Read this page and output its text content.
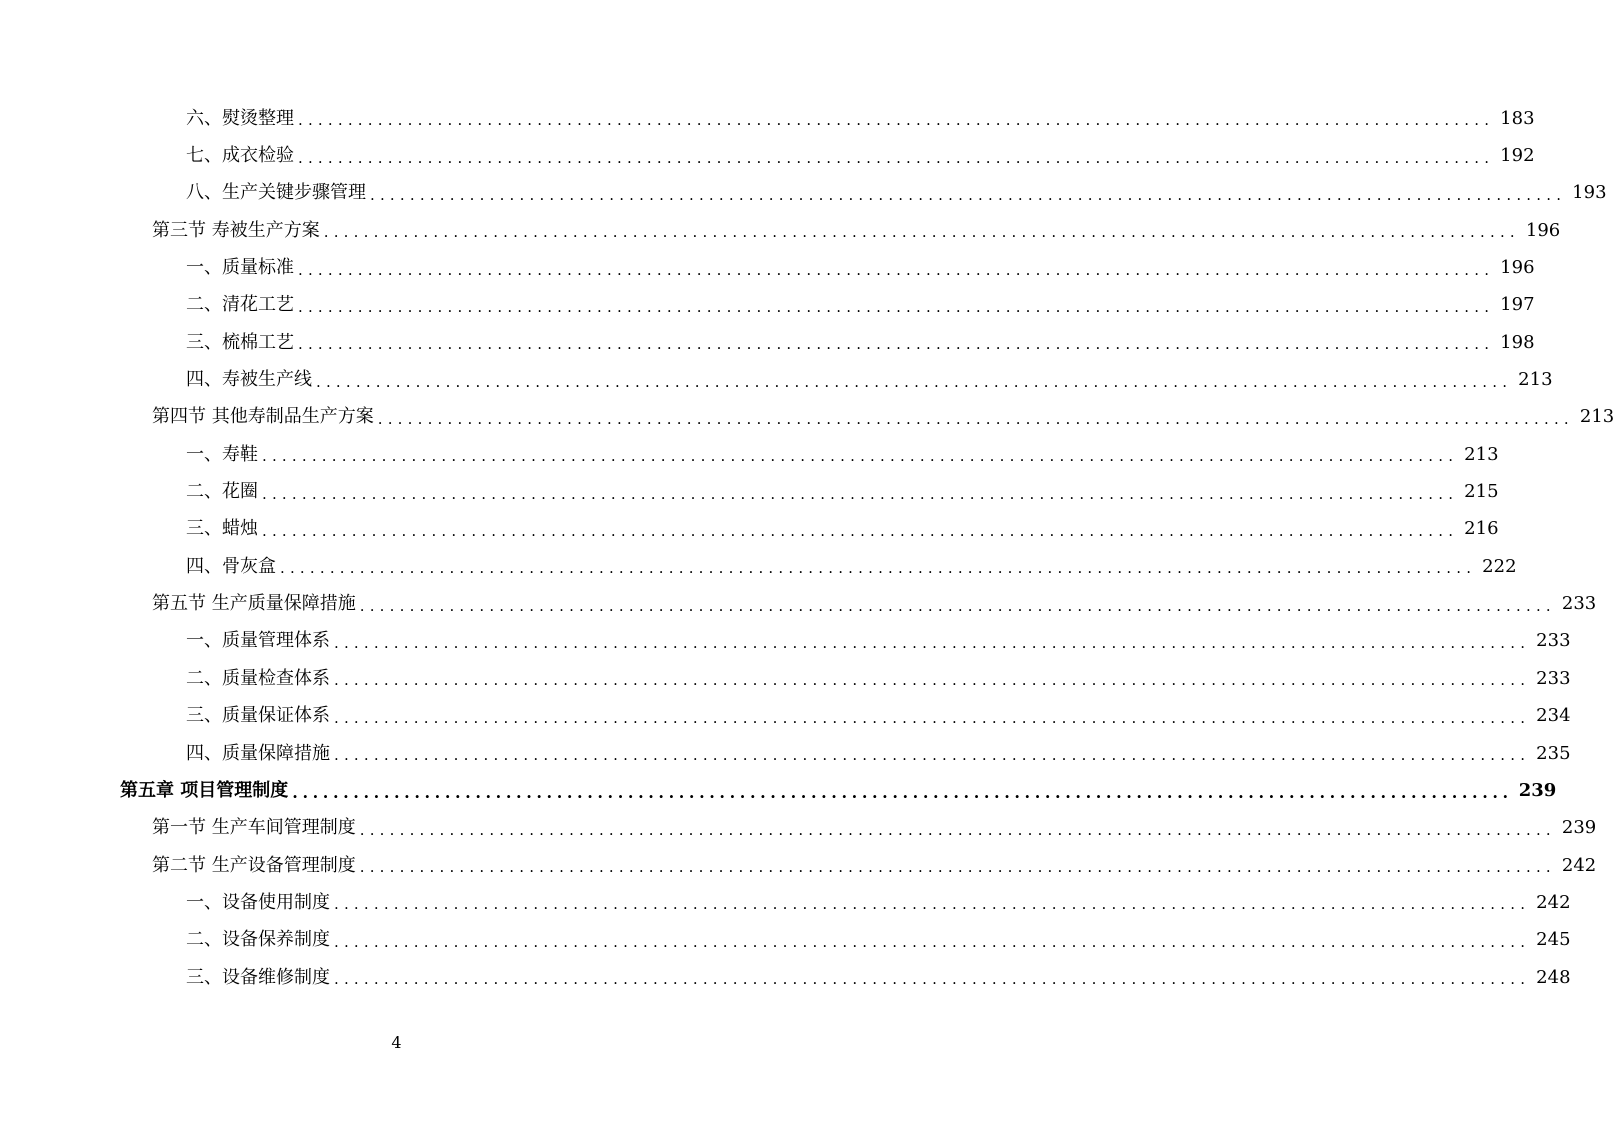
六、熨烫整理 ........................................................................................................................ 183
七、成衣检验 ........................................................................................................................ 192
八、生产关键步骤管理 ........................................................................................................................ 193
第三节 寿被生产方案 ........................................................................................................................ 196
一、质量标准 ........................................................................................................................ 196
二、清花工艺 ........................................................................................................................ 197
三、梳棉工艺 ........................................................................................................................ 198
四、寿被生产线 ........................................................................................................................ 213
第四节 其他寿制品生产方案 ........................................................................................................................ 213
一、寿鞋 ........................................................................................................................ 213
二、花圈 ........................................................................................................................ 215
三、蜡烛 ........................................................................................................................ 216
四、骨灰盒 ........................................................................................................................ 222
第五节 生产质量保障措施 ........................................................................................................................ 233
一、质量管理体系 ........................................................................................................................ 233
二、质量检查体系 ........................................................................................................................ 233
三、质量保证体系 ........................................................................................................................ 234
四、质量保障措施 ........................................................................................................................ 235
第五章 项目管理制度 ........................................................................................................................ 239
第一节 生产车间管理制度 ........................................................................................................................ 239
第二节 生产设备管理制度 ........................................................................................................................ 242
一、设备使用制度 ........................................................................................................................ 242
二、设备保养制度 ........................................................................................................................ 245
三、设备维修制度 ........................................................................................................................ 248
4
